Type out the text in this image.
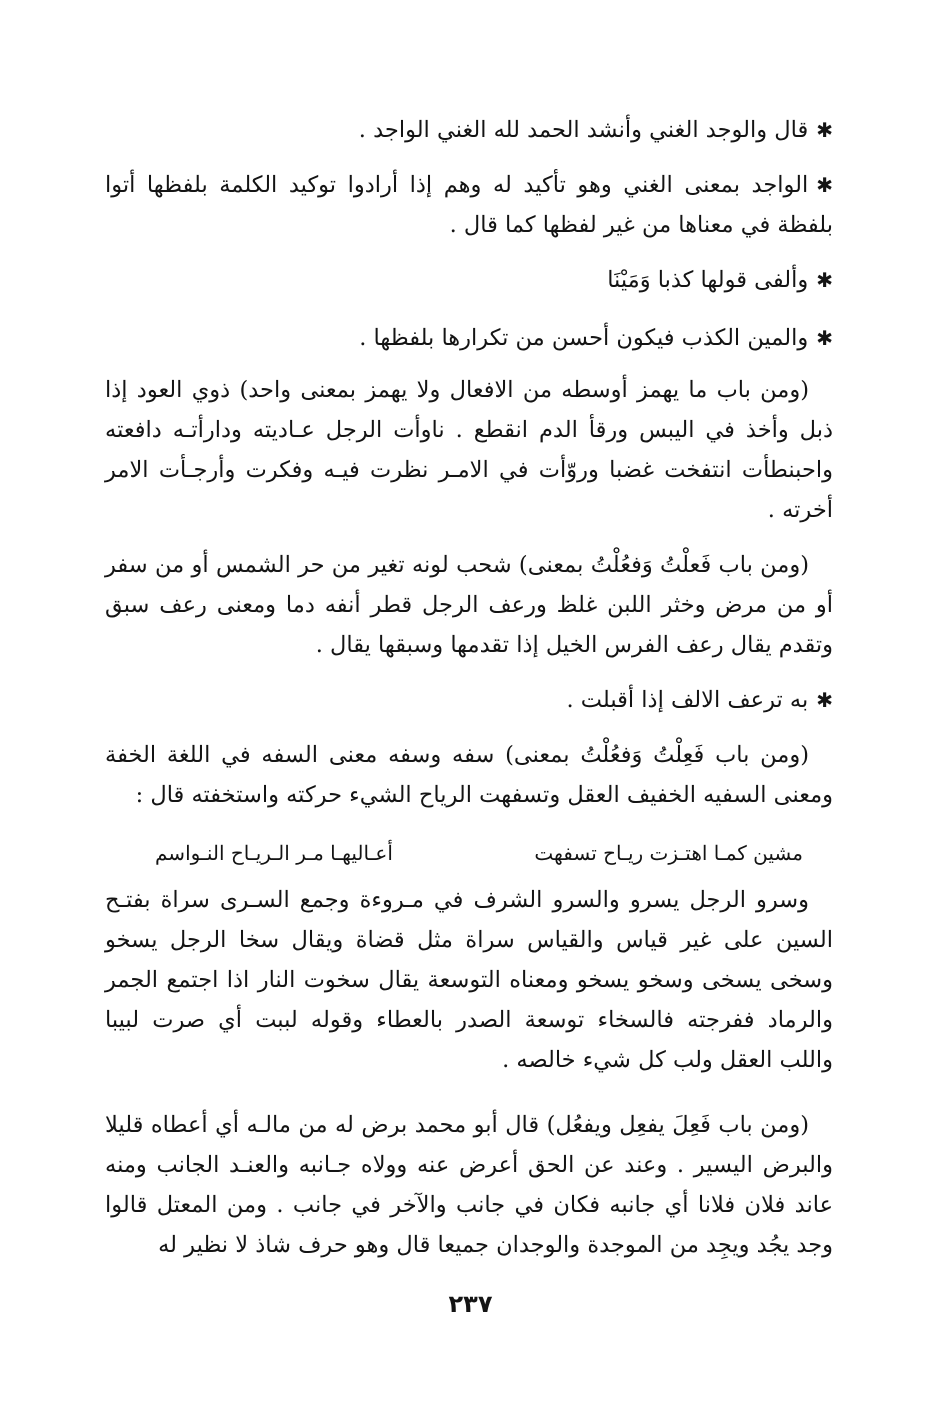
✱قال والوجد الغني وأنشد الحمد لله الغني الواجد .

✱الواجد بمعنى الغني وهو تأكيد له وهم إذا أرادوا توكيد الكلمة بلفظها أتوا بلفظة في معناها من غير لفظها كما قال .

✱وألفى قولها كذبا وَمَيْنَا

✱والمين الكذب فيكون أحسن من تكرارها بلفظها .

(ومن باب ما يهمز أوسطه من الافعال ولا يهمز بمعنى واحد) ذوي العود إذا ذبل وأخذ في اليبس ورقأ الدم انقطع . ناوأت الرجل عـاديته ودارأتـه دافعته واحبنطأت انتفخت غضبا وروّأت في الامـر نظرت فيـه وفكرت وأرجـأت الامر أخرته .

(ومن باب فَعلْتُ وَفعُلْتُ بمعنى) شحب لونه تغير من حر الشمس أو من سفر أو من مرض وخثر اللبن غلظ ورعف الرجل قطر أنفه دما ومعنى رعف سبق وتقدم يقال رعف الفرس الخيل إذا تقدمها وسبقها يقال .

✱به ترعف الالف إذا أقبلت .

(ومن باب فَعِلْتُ وَفعُلْتُ بمعنى) سفه وسفه معنى السفه في اللغة الخفة ومعنى السفيه الخفيف العقل وتسفهت الرياح الشيء حركته واستخفته قال :

مشين كمـا اهتـزت ريـاح تسفهت
أعـاليهـا مـر الـريـاح النـواسم

وسرو الرجل يسرو والسرو الشرف في مـروءة وجمع السـرى سراة بفتـح السين على غير قياس والقياس سراة مثل قضاة ويقال سخا الرجل يسخو وسخى يسخى وسخو يسخو ومعناه التوسعة يقال سخوت النار اذا اجتمع الجمر والرماد ففرجته فالسخاء توسعة الصدر بالعطاء وقوله لببت أي صرت لبيبا واللب العقل ولب كل شيء خالصه .

(ومن باب فَعِلَ يفعِل ويفعُل) قال أبو محمد برض له من مالـه أي أعطاه قليلا والبرض اليسير . وعند عن الحق أعرض عنه وولاه جـانبه والعنـد الجانب ومنه عاند فلان فلانا أي جانبه فكان في جانب والآخر في جانب . ومن المعتل قالوا وجد يجُد ويجِد من الموجدة والوجدان جميعا قال وهو حرف شاذ لا نظير له

٢٣٧
